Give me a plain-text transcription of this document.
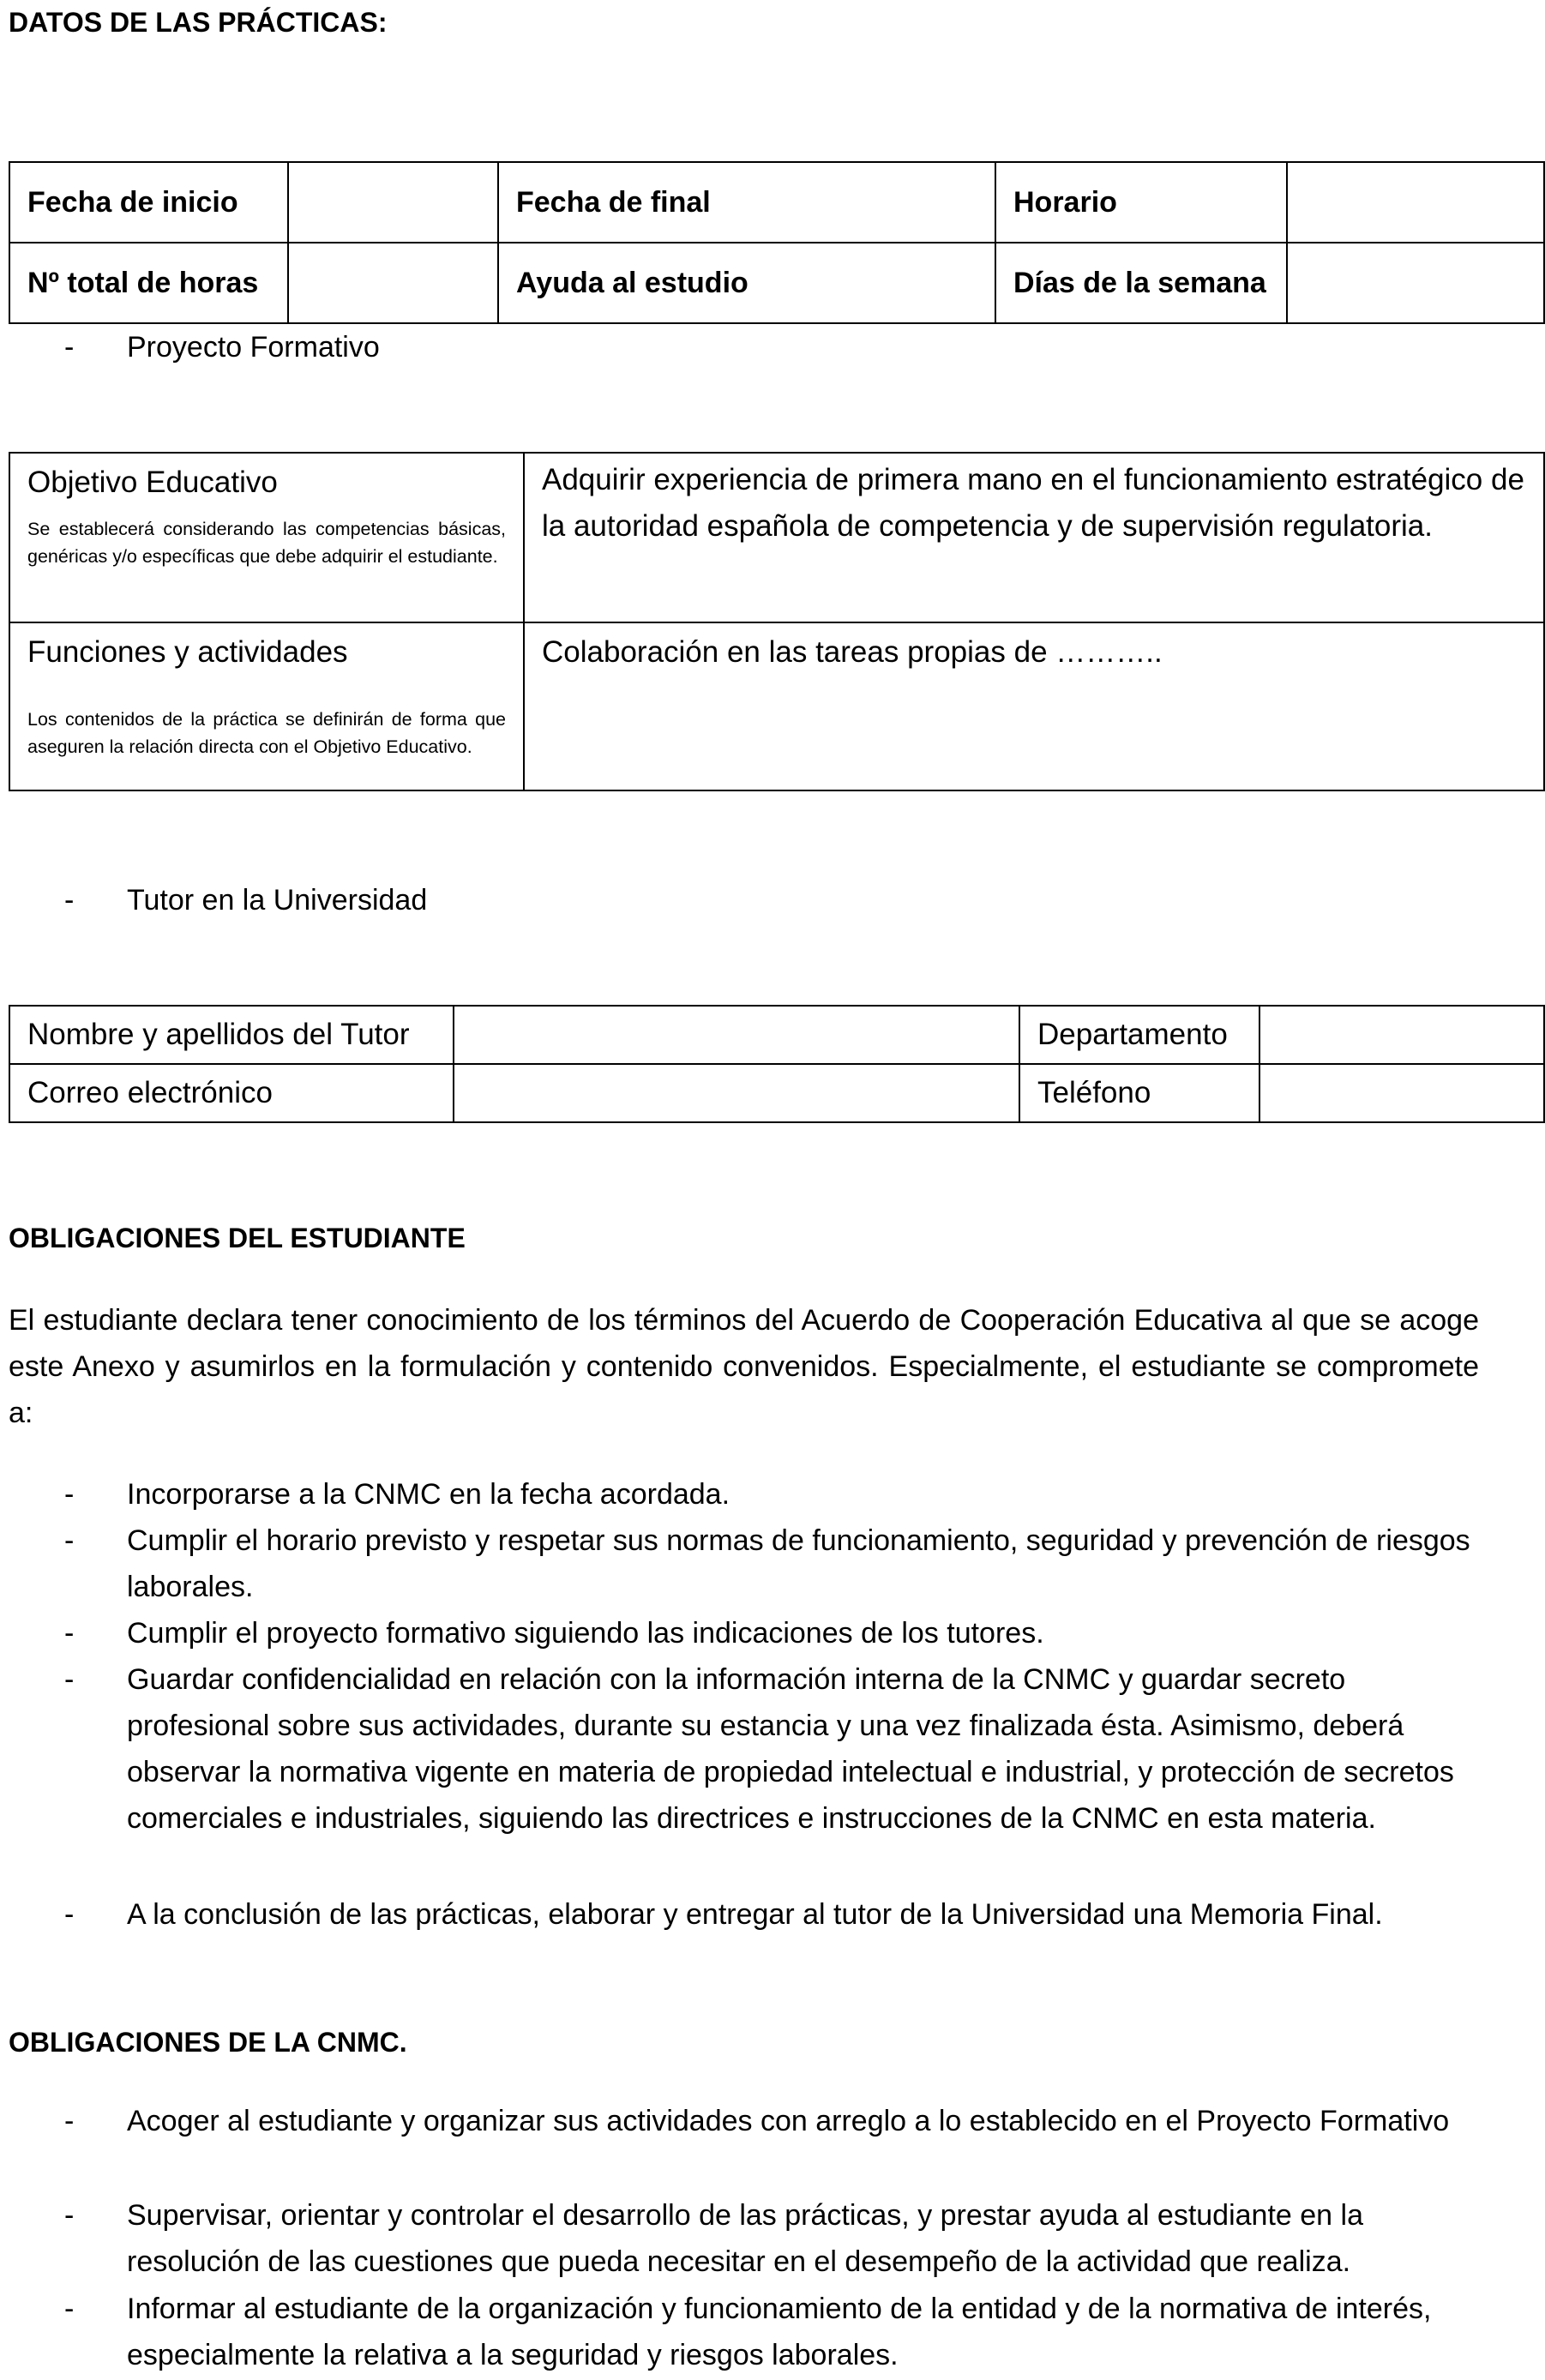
DATOS DE LAS PRÁCTICAS:
Fecha de inicio		Fecha de final	Horario	
Nº total de horas		Ayuda al estudio	Días de la semana	
-	Proyecto Formativo
Objetivo Educativo
Se establecerá considerando las competencias básicas, genéricas y/o específicas que debe adquirir el estudiante.	Adquirir experiencia de primera mano en el funcionamiento estratégico de la autoridad española de competencia y de supervisión regulatoria.

Funciones y actividades
Los contenidos de la práctica se definirán de forma que aseguren la relación directa con el Objetivo Educativo.	Colaboración en las tareas propias de ………..
-	Tutor en la Universidad
Nombre y apellidos del Tutor		Departamento	
Correo electrónico		Teléfono	
OBLIGACIONES DEL ESTUDIANTE
El estudiante declara tener conocimiento de los términos del Acuerdo de Cooperación Educativa al que se acoge este Anexo y asumirlos en la formulación y contenido convenidos. Especialmente, el estudiante se compromete a:
-	Incorporarse a la CNMC en la fecha acordada.
-	Cumplir el horario previsto y respetar sus normas de funcionamiento, seguridad y prevención de riesgos laborales.
-	Cumplir el proyecto formativo siguiendo las indicaciones de los tutores.
-	Guardar confidencialidad en relación con la información interna de la CNMC y guardar secreto profesional sobre sus actividades, durante su estancia y una vez finalizada ésta. Asimismo, deberá observar la normativa vigente en materia de propiedad intelectual e industrial, y protección de secretos comerciales e industriales, siguiendo las directrices e instrucciones de la CNMC en esta materia.
-	A la conclusión de las prácticas, elaborar y entregar al tutor de la Universidad una Memoria Final.
OBLIGACIONES DE LA CNMC.
-	Acoger al estudiante y organizar sus actividades con arreglo a lo establecido en el Proyecto Formativo
-	Supervisar, orientar y controlar el desarrollo de las prácticas, y prestar ayuda al estudiante en la resolución de las cuestiones que pueda necesitar en el desempeño de la actividad que realiza.
-	Informar al estudiante de la organización y funcionamiento de la entidad y de la normativa de interés, especialmente la relativa a la seguridad y riesgos laborales.
